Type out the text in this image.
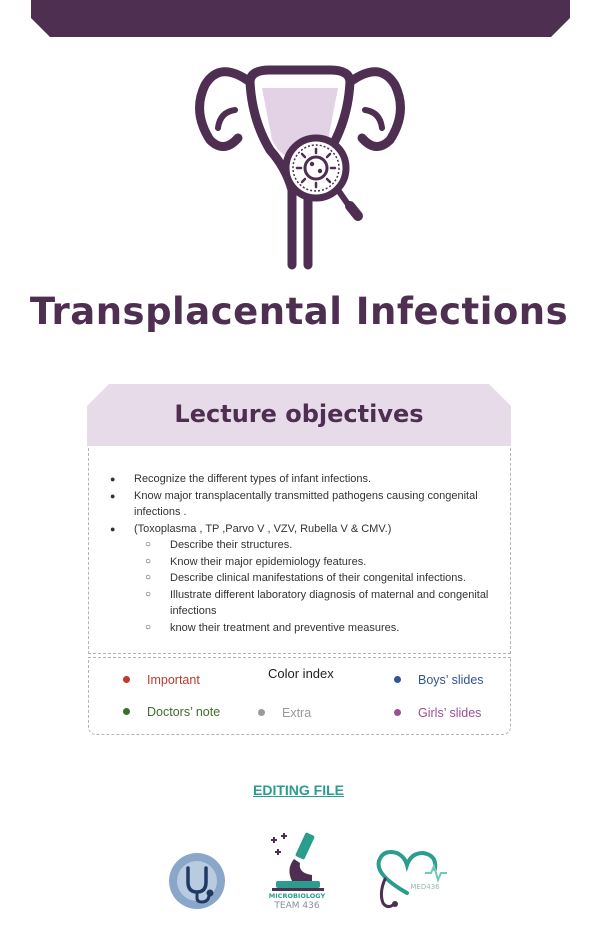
Transplacental Infections
Lecture objectives
● Recognize the different types of infant infections.
● Know major transplacentally transmitted pathogens causing congenital
infections .
● (Toxoplasma , TP ,Parvo V , VZV, Rubella V & CMV.)
○ Describe their structures.
○ Know their major epidemiology features.
○ Describe clinical manifestations of their congenital infections.
○ Illustrate different laboratory diagnosis of maternal and congenital
infections
○ know their treatment and preventive measures.
Color index
Important	Boys’ slides
Doctors’ note	Extra	Girls’ slides
EDITING FILE
MICROBIOLOGY
TEAM 436
MED436
